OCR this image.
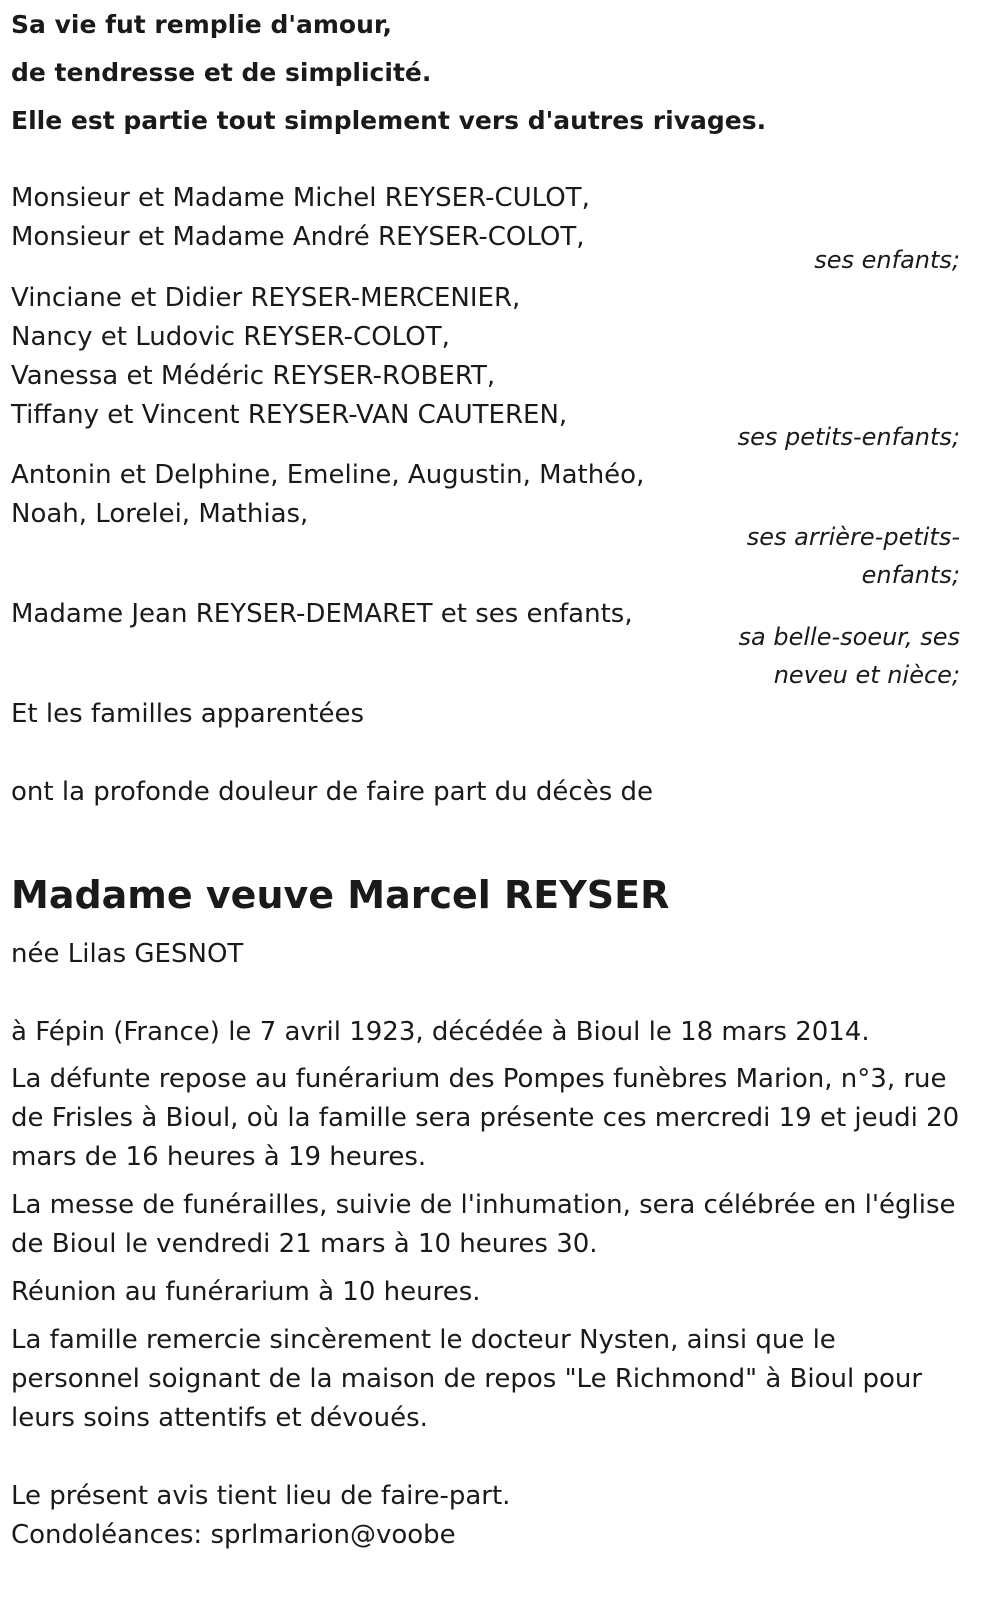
Sa vie fut remplie d'amour,
de tendresse et de simplicité.
Elle est partie tout simplement vers d'autres rivages.
Monsieur et Madame Michel REYSER-CULOT,
Monsieur et Madame André REYSER-COLOT,
ses enfants;
Vinciane et Didier REYSER-MERCENIER,
Nancy et Ludovic REYSER-COLOT,
Vanessa et Médéric REYSER-ROBERT,
Tiffany et Vincent REYSER-VAN CAUTEREN,
ses petits-enfants;
Antonin et Delphine, Emeline, Augustin, Mathéo,
Noah, Lorelei, Mathias,
ses arrière-petits-
enfants;
Madame Jean REYSER-DEMARET et ses enfants,
sa belle-soeur, ses
neveu et nièce;
Et les familles apparentées
ont la profonde douleur de faire part du décès de
Madame veuve Marcel REYSER
née Lilas GESNOT
à Fépin (France) le 7 avril 1923, décédée à Bioul le 18 mars 2014.
La défunte repose au funérarium des Pompes funèbres Marion, n°3, rue
de Frisles à Bioul, où la famille sera présente ces mercredi 19 et jeudi 20
mars de 16 heures à 19 heures.
La messe de funérailles, suivie de l'inhumation, sera célébrée en l'église
de Bioul le vendredi 21 mars à 10 heures 30.
Réunion au funérarium à 10 heures.
La famille remercie sincèrement le docteur Nysten, ainsi que le
personnel soignant de la maison de repos "Le Richmond" à Bioul pour
leurs soins attentifs et dévoués.
Le présent avis tient lieu de faire-part.
Condoléances: sprlmarion@voobe
